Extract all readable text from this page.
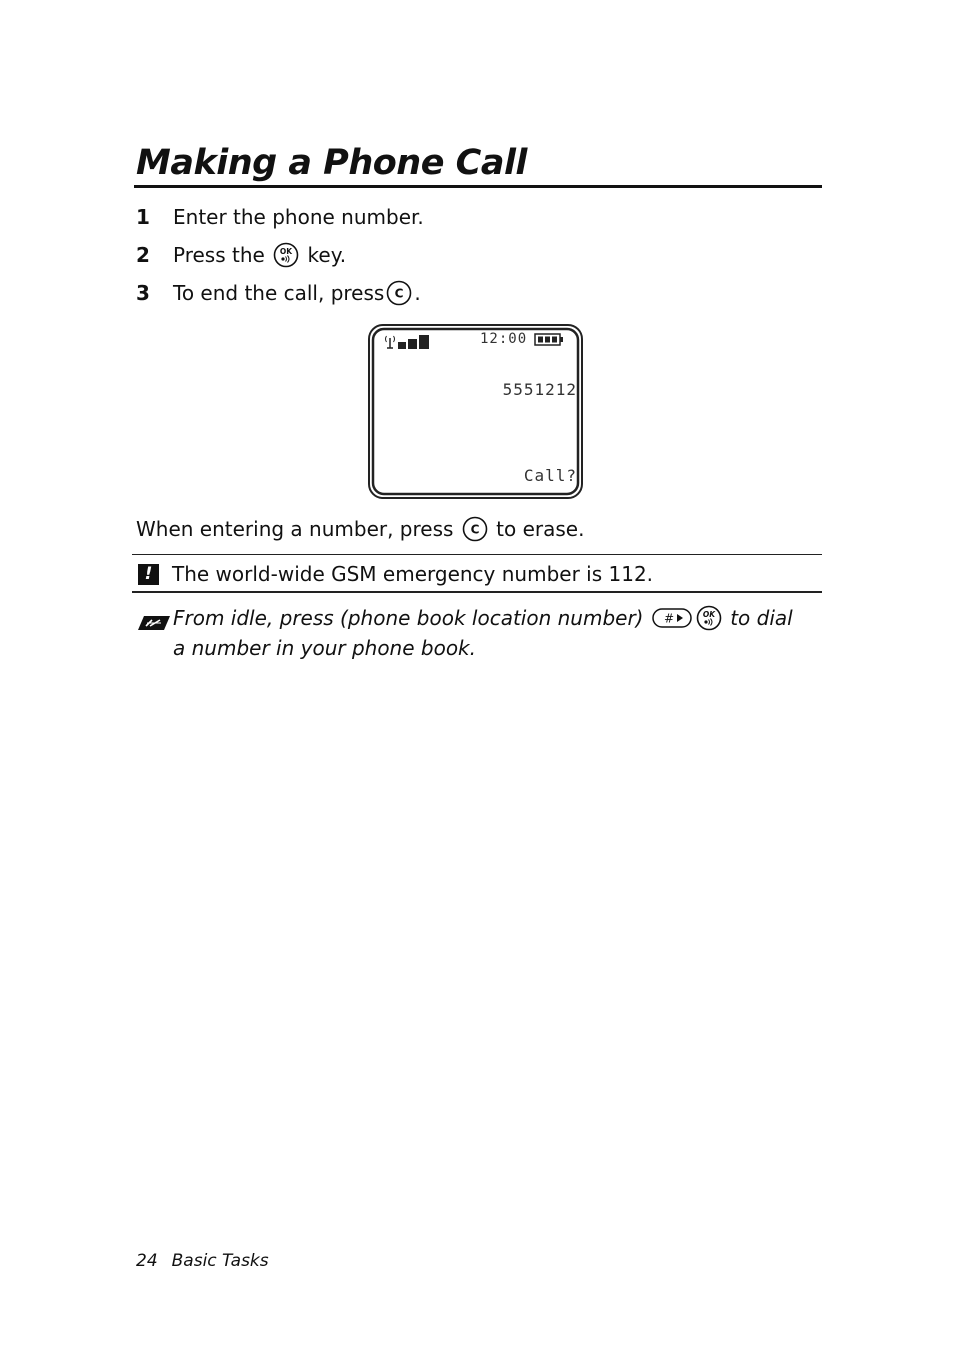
Making a Phone Call
1 Enter the phone number.
2 Press the OK key.
3 To end the call, press C .
12:00
5551212
Call?
When entering a number, press C to erase.
! The world-wide GSM emergency number is 112.
From idle, press (phone book location number) #	OK to dial
a number in your phone book.
24 Basic Tasks
